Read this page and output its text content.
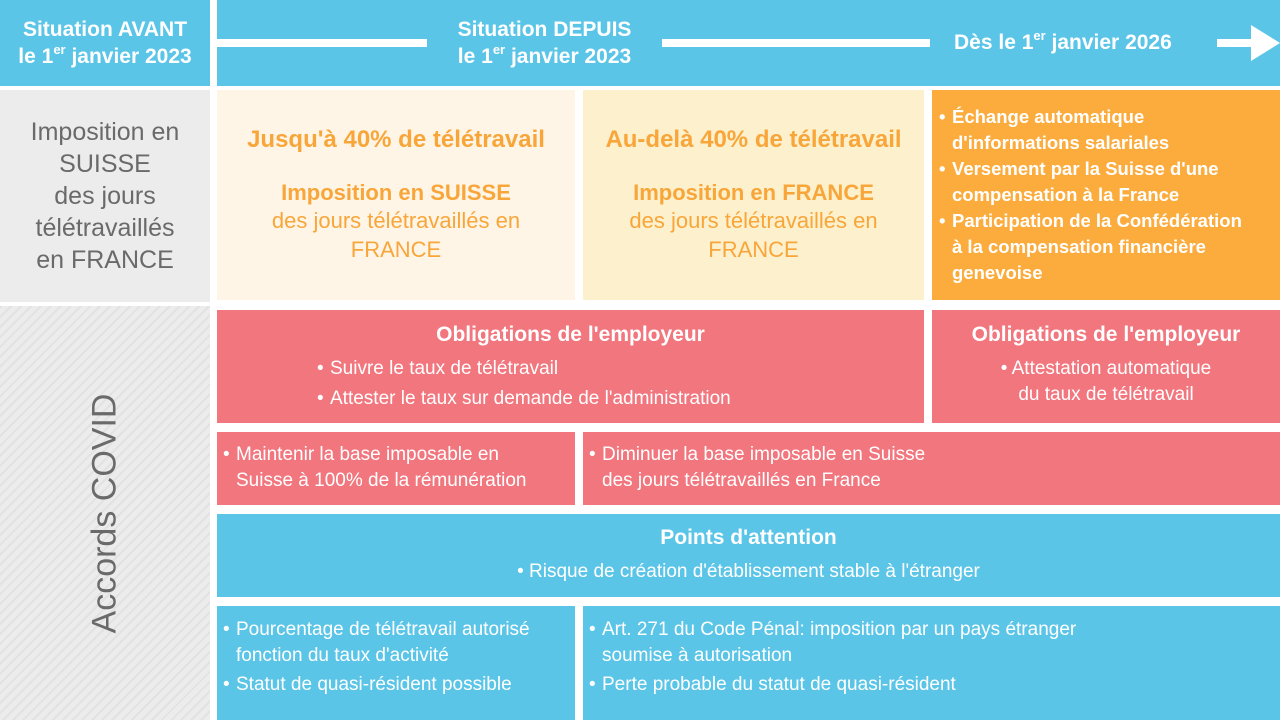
Situation AVANT
le 1er janvier 2023
Situation DEPUIS
le 1er janvier 2023
Dès le 1er janvier 2026
Imposition en
SUISSE
des jours
télétravaillés
en FRANCE
Accords COVID
Jusqu'à 40% de télétravail
Imposition en SUISSE
des jours télétravaillés en
FRANCE
Au-delà 40% de télétravail
Imposition en FRANCE
des jours télétravaillés en
FRANCE
• Échange automatique
d'informations salariales
• Versement par la Suisse d'une
compensation à la France
• Participation de la Confédération
à la compensation financière
genevoise
Obligations de l'employeur
• Suivre le taux de télétravail
• Attester le taux sur demande de l'administration
Obligations de l'employeur
• Attestation automatique
du taux de télétravail
• Maintenir la base imposable en
Suisse à 100% de la rémunération
• Diminuer la base imposable en Suisse
des jours télétravaillés en France
Points d'attention
• Risque de création d'établissement stable à l'étranger
• Pourcentage de télétravail autorisé
fonction du taux d'activité
• Statut de quasi-résident possible
• Art. 271 du Code Pénal: imposition par un pays étranger
soumise à autorisation
• Perte probable du statut de quasi-résident
